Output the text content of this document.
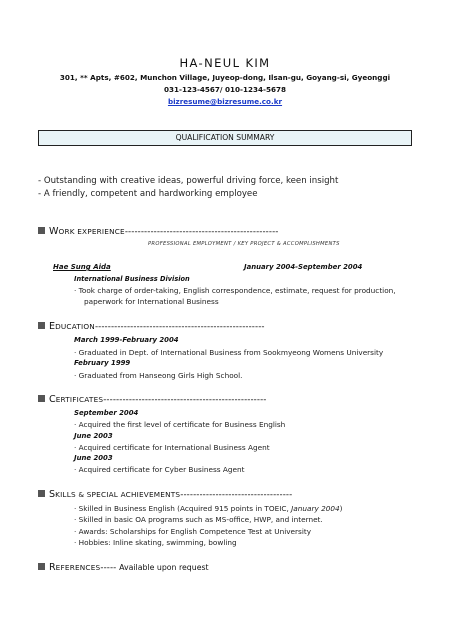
HA-NEUL KIM
301, ** Apts, #602, Munchon Village, Juyeop-dong, Ilsan-gu, Goyang-si, Gyeonggi
031-123-4567/ 010-1234-5678
bizresume@bizresume.co.kr
QUALIFICATION SUMMARY
- Outstanding with creative ideas, powerful driving force, keen insight
- A friendly, competent and hardworking employee
WORK EXPERIENCE------------------------------------------------
PROFESSIONAL EMPLOYMENT / KEY PROJECT & ACCOMPLISHMENTS
Hae Sung Aida	January 2004-September 2004
International Business Division
· Took charge of order-taking, English correspondence, estimate, request for production,
paperwork for International Business
EDUCATION-----------------------------------------------------
March 1999-February 2004
· Graduated in Dept. of International Business from Sookmyeong Womens University
February 1999
· Graduated from Hanseong Girls High School.
CERTIFICATES---------------------------------------------------
September 2004
· Acquired the first level of certificate for Business English
June 2003
· Acquired certificate for International Business Agent
June 2003
· Acquired certificate for Cyber Business Agent
SKILLS & SPECIAL ACHIEVEMENTS-----------------------------------
· Skilled in Business English (Acquired 915 points in TOEIC, January 2004)
· Skilled in basic OA programs such as MS-office, HWP, and internet.
· Awards: Scholarships for English Competence Test at University
· Hobbies: Inline skating, swimming, bowling
REFERENCES----- Available upon request
